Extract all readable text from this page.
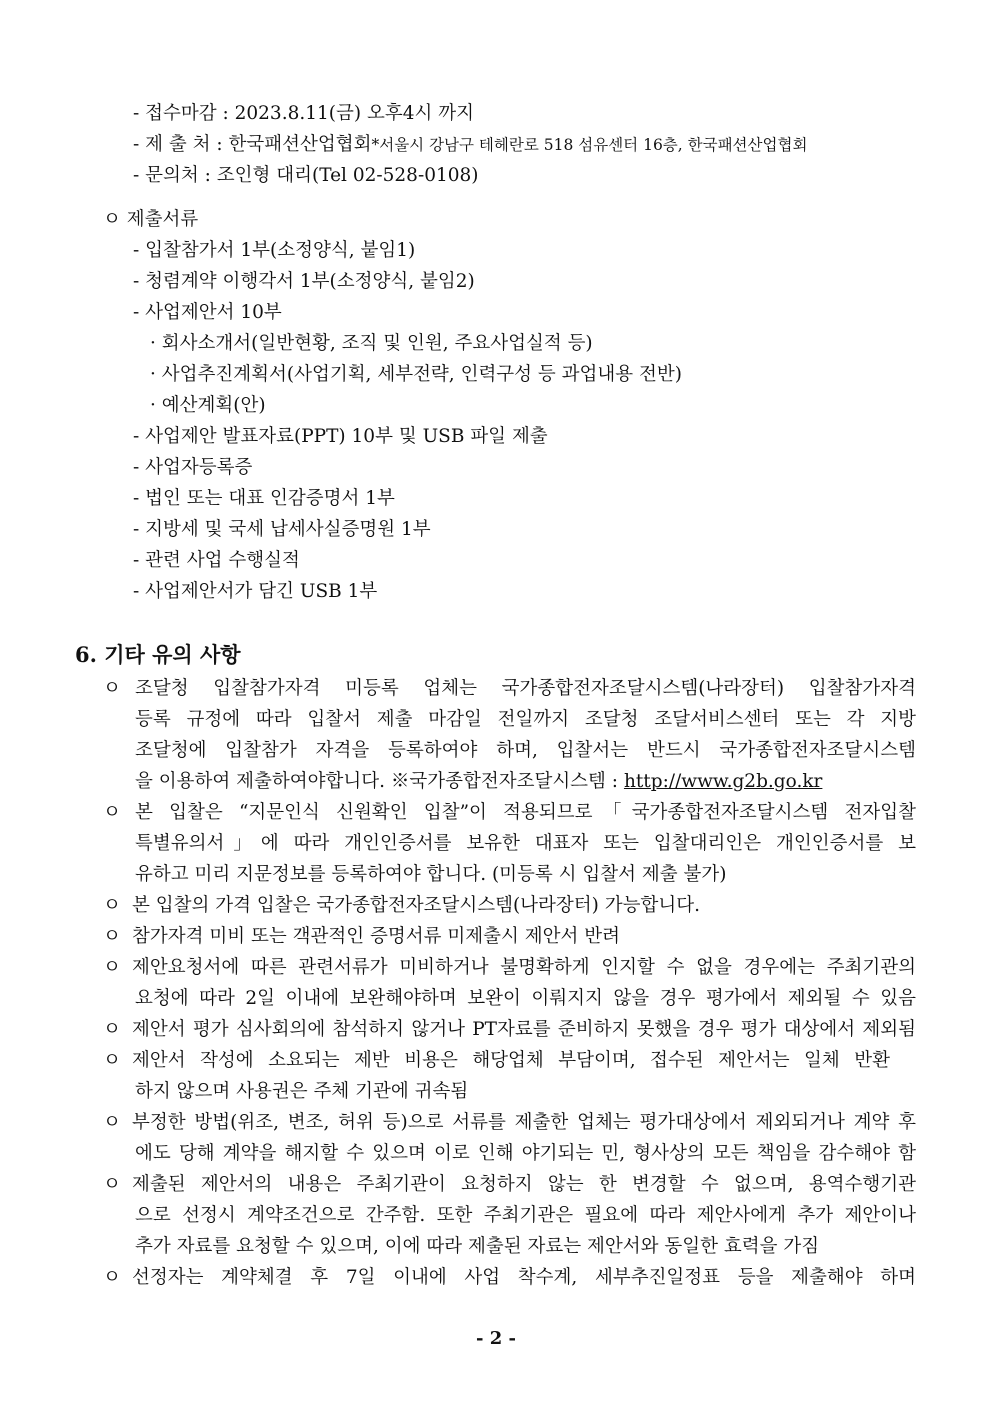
- 접수마감 : 2023.8.11(금) 오후4시 까지
- 제 출 처 : 한국패션산업협회*서울시 강남구 테헤란로 518 섬유센터 16층, 한국패션산업협회
- 문의처 : 조인형 대리(Tel 02-528-0108)
ㅇ 제출서류
- 입찰참가서 1부(소정양식, 붙임1)
- 청렴계약 이행각서 1부(소정양식, 붙임2)
- 사업제안서 10부
· 회사소개서(일반현황, 조직 및 인원, 주요사업실적 등)
· 사업추진계획서(사업기획, 세부전략, 인력구성 등 과업내용 전반)
· 예산계획(안)
- 사업제안 발표자료(PPT) 10부 및 USB 파일 제출
- 사업자등록증
- 법인 또는 대표 인감증명서 1부
- 지방세 및 국세 납세사실증명원 1부
- 관련 사업 수행실적
- 사업제안서가 담긴 USB 1부
6. 기타 유의 사항
ㅇ 조달청 입찰참가자격 미등록 업체는 국가종합전자조달시스템(나라장터) 입찰참가자격
등록 규정에 따라 입찰서 제출 마감일 전일까지 조달청 조달서비스센터 또는 각 지방
조달청에 입찰참가 자격을 등록하여야 하며, 입찰서는 반드시 국가종합전자조달시스템
을 이용하여 제출하여야합니다. ※국가종합전자조달시스템 : http://www.g2b.go.kr
ㅇ 본 입찰은 “지문인식 신원확인 입찰”이 적용되므로「국가종합전자조달시스템 전자입찰
특별유의서」에 따라 개인인증서를 보유한 대표자 또는 입찰대리인은 개인인증서를 보
유하고 미리 지문정보를 등록하여야 합니다. (미등록 시 입찰서 제출 불가)
ㅇ 본 입찰의 가격 입찰은 국가종합전자조달시스템(나라장터) 가능합니다.
ㅇ 참가자격 미비 또는 객관적인 증명서류 미제출시 제안서 반려
ㅇ 제안요청서에 따른 관련서류가 미비하거나 불명확하게 인지할 수 없을 경우에는 주최기관의
요청에 따라 2일 이내에 보완해야하며 보완이 이뤄지지 않을 경우 평가에서 제외될 수 있음
ㅇ 제안서 평가 심사회의에 참석하지 않거나 PT자료를 준비하지 못했을 경우 평가 대상에서 제외됨
ㅇ 제안서 작성에 소요되는 제반 비용은 해당업체 부담이며, 접수된 제안서는 일체 반환
하지 않으며 사용권은 주체 기관에 귀속됨
ㅇ 부정한 방법(위조, 변조, 허위 등)으로 서류를 제출한 업체는 평가대상에서 제외되거나 계약 후
에도 당해 계약을 해지할 수 있으며 이로 인해 야기되는 민, 형사상의 모든 책임을 감수해야 함
ㅇ 제출된 제안서의 내용은 주최기관이 요청하지 않는 한 변경할 수 없으며, 용역수행기관
으로 선정시 계약조건으로 간주함. 또한 주최기관은 필요에 따라 제안사에게 추가 제안이나
추가 자료를 요청할 수 있으며, 이에 따라 제출된 자료는 제안서와 동일한 효력을 가짐
ㅇ 선정자는 계약체결 후 7일 이내에 사업 착수계, 세부추진일정표 등을 제출해야 하며
- 2 -
